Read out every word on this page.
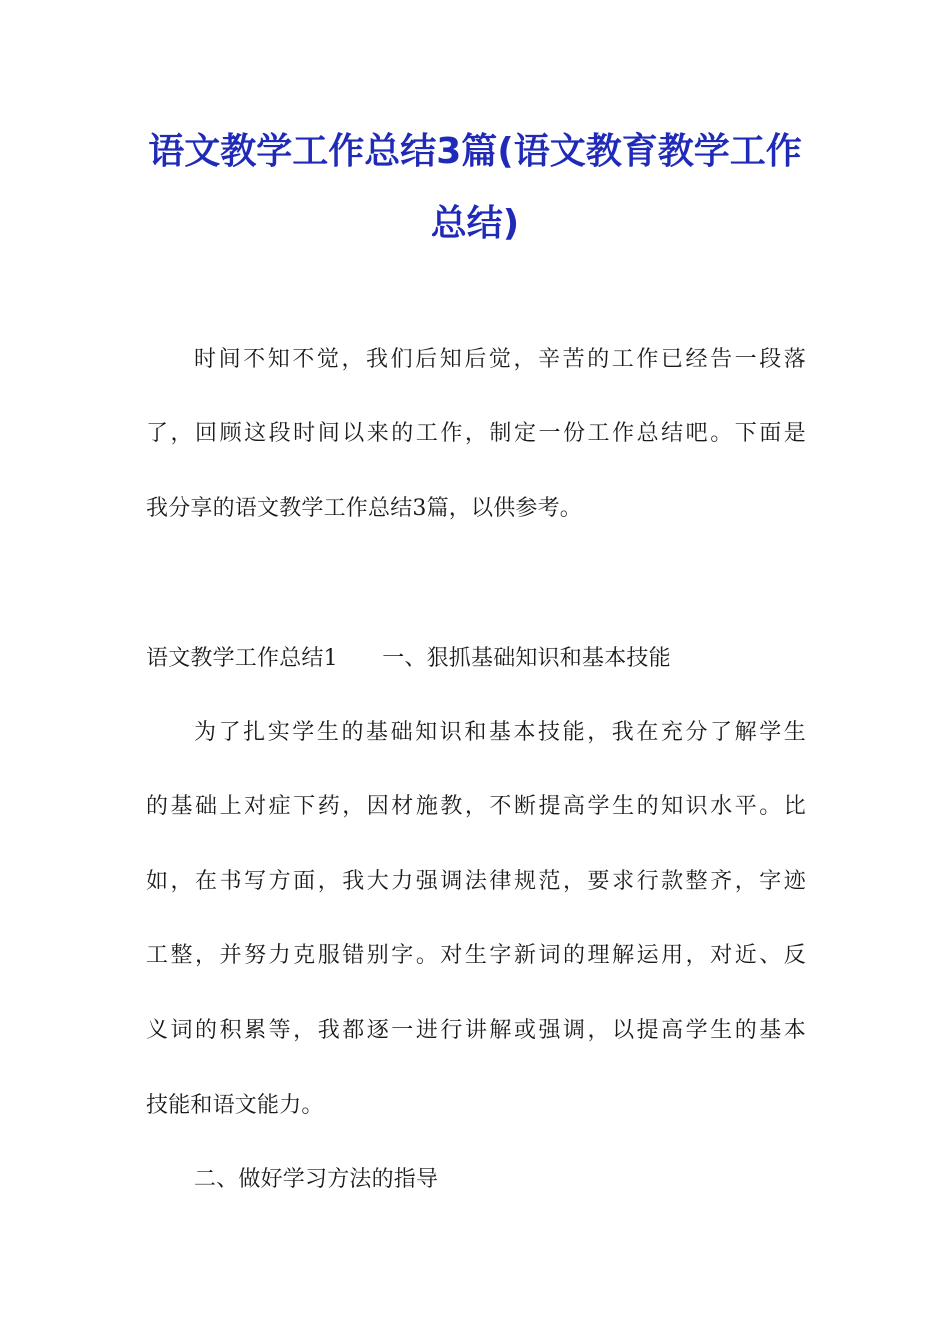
语文教学工作总结3篇(语文教育教学工作
总结)
时间不知不觉，我们后知后觉，辛苦的工作已经告一段落
了，回顾这段时间以来的工作，制定一份工作总结吧。下面是
我分享的语文教学工作总结3篇，以供参考。
语文教学工作总结1　　一、狠抓基础知识和基本技能
为了扎实学生的基础知识和基本技能，我在充分了解学生
的基础上对症下药，因材施教，不断提高学生的知识水平。比
如，在书写方面，我大力强调法律规范，要求行款整齐，字迹
工整，并努力克服错别字。对生字新词的理解运用，对近、反
义词的积累等，我都逐一进行讲解或强调，以提高学生的基本
技能和语文能力。
二、做好学习方法的指导
